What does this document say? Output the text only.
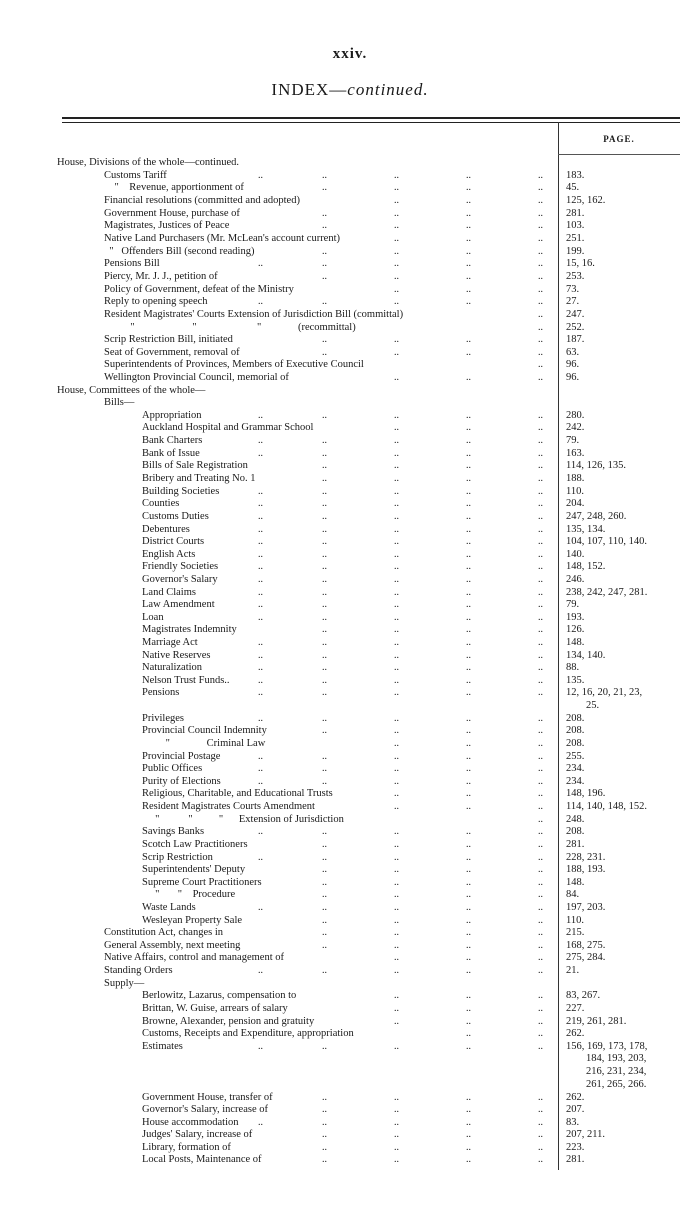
xxiv.
INDEX—continued.
PAGE.
House, Divisions of the whole—continued.
Customs Tariff	..	..	..	..	.. 183.
"    Revenue, apportionment of	..	..	..	.. 45.
Financial resolutions (committed and adopted)	..	..	.. 125, 162.
Government House, purchase of	..	..	..	.. 281.
Magistrates, Justices of Peace	..	..	..	.. 103.
Native Land Purchasers (Mr. McLean's account current)	..	..	.. 251.
"   Offenders Bill (second reading)	..	..	..	.. 199.
Pensions Bill	..	..	..	..	.. 15, 16.
Piercy, Mr. J. J., petition of	..	..	..	.. 253.
Policy of Government, defeat of the Ministry	..	..	.. 73.
Reply to opening speech	..	..	..	..	.. 27.
Resident Magistrates' Courts Extension of Jurisdiction Bill (committal)	.. 247.
"                      "                       "              (recommittal)	.. 252.
Scrip Restriction Bill, initiated	..	..	..	.. 187.
Seat of Government, removal of	..	..	..	.. 63.
Superintendents of Provinces, Members of Executive Council	.. 96.
Wellington Provincial Council, memorial of	..	..	.. 96.
House, Committees of the whole—
Bills—
Appropriation	..	..	..	..	.. 280.
Auckland Hospital and Grammar School	..	..	.. 242.
Bank Charters	..	..	..	..	.. 79.
Bank of Issue	..	..	..	..	.. 163.
Bills of Sale Registration	..	..	..	.. 114, 126, 135.
Bribery and Treating No. 1	..	..	..	.. 188.
Building Societies	..	..	..	..	.. 110.
Counties	..	..	..	..	.. 204.
Customs Duties	..	..	..	..	.. 247, 248, 260.
Debentures	..	..	..	..	.. 135, 134.
District Courts	..	..	..	..	.. 104, 107, 110, 140.
English Acts	..	..	..	..	.. 140.
Friendly Societies	..	..	..	..	.. 148, 152.
Governor's Salary	..	..	..	..	.. 246.
Land Claims	..	..	..	..	.. 238, 242, 247, 281.
Law Amendment	..	..	..	..	.. 79.
Loan	..	..	..	..	.. 193.
Magistrates Indemnity	..	..	..	.. 126.
Marriage Act	..	..	..	..	.. 148.
Native Reserves	..	..	..	..	.. 134, 140.
Naturalization	..	..	..	..	.. 88.
Nelson Trust Funds..	..	..	..	..	.. 135.
Pensions	..	..	..	..	.. 12, 16, 20, 21, 23,
25.
Privileges	..	..	..	..	.. 208.
Provincial Council Indemnity	..	..	..	.. 208.
"              Criminal Law	..	..	.. 208.
Provincial Postage	..	..	..	..	.. 255.
Public Offices	..	..	..	..	.. 234.
Purity of Elections	..	..	..	..	.. 234.
Religious, Charitable, and Educational Trusts	..	..	.. 148, 196.
Resident Magistrates Courts Amendment	..	..	.. 114, 140, 148, 152.
"           "          "      Extension of Jurisdiction	.. 248.
Savings Banks	..	..	..	..	.. 208.
Scotch Law Practitioners	..	..	..	.. 281.
Scrip Restriction	..	..	..	..	.. 228, 231.
Superintendents' Deputy	..	..	..	.. 188, 193.
Supreme Court Practitioners	..	..	..	.. 148.
"       "    Procedure	..	..	..	.. 84.
Waste Lands	..	..	..	..	.. 197, 203.
Wesleyan Property Sale	..	..	..	.. 110.
Constitution Act, changes in	..	..	..	.. 215.
General Assembly, next meeting	..	..	..	.. 168, 275.
Native Affairs, control and management of	..	..	.. 275, 284.
Standing Orders	..	..	..	..	.. 21.
Supply—
Berlowitz, Lazarus, compensation to	..	..	.. 83, 267.
Brittan, W. Guise, arrears of salary	..	..	.. 227.
Browne, Alexander, pension and gratuity	..	..	.. 219, 261, 281.
Customs, Receipts and Expenditure, appropriation	..	.. 262.
Estimates	..	..	..	..	.. 156, 169, 173, 178,
184, 193, 203,
216, 231, 234,
261, 265, 266.
Government House, transfer of	..	..	..	.. 262.
Governor's Salary, increase of	..	..	..	.. 207.
House accommodation ..	..	..	..	.. 83.
Judges' Salary, increase of	..	..	..	.. 207, 211.
Library, formation of	..	..	..	.. 223.
Local Posts, Maintenance of	..	..	..	.. 281.
